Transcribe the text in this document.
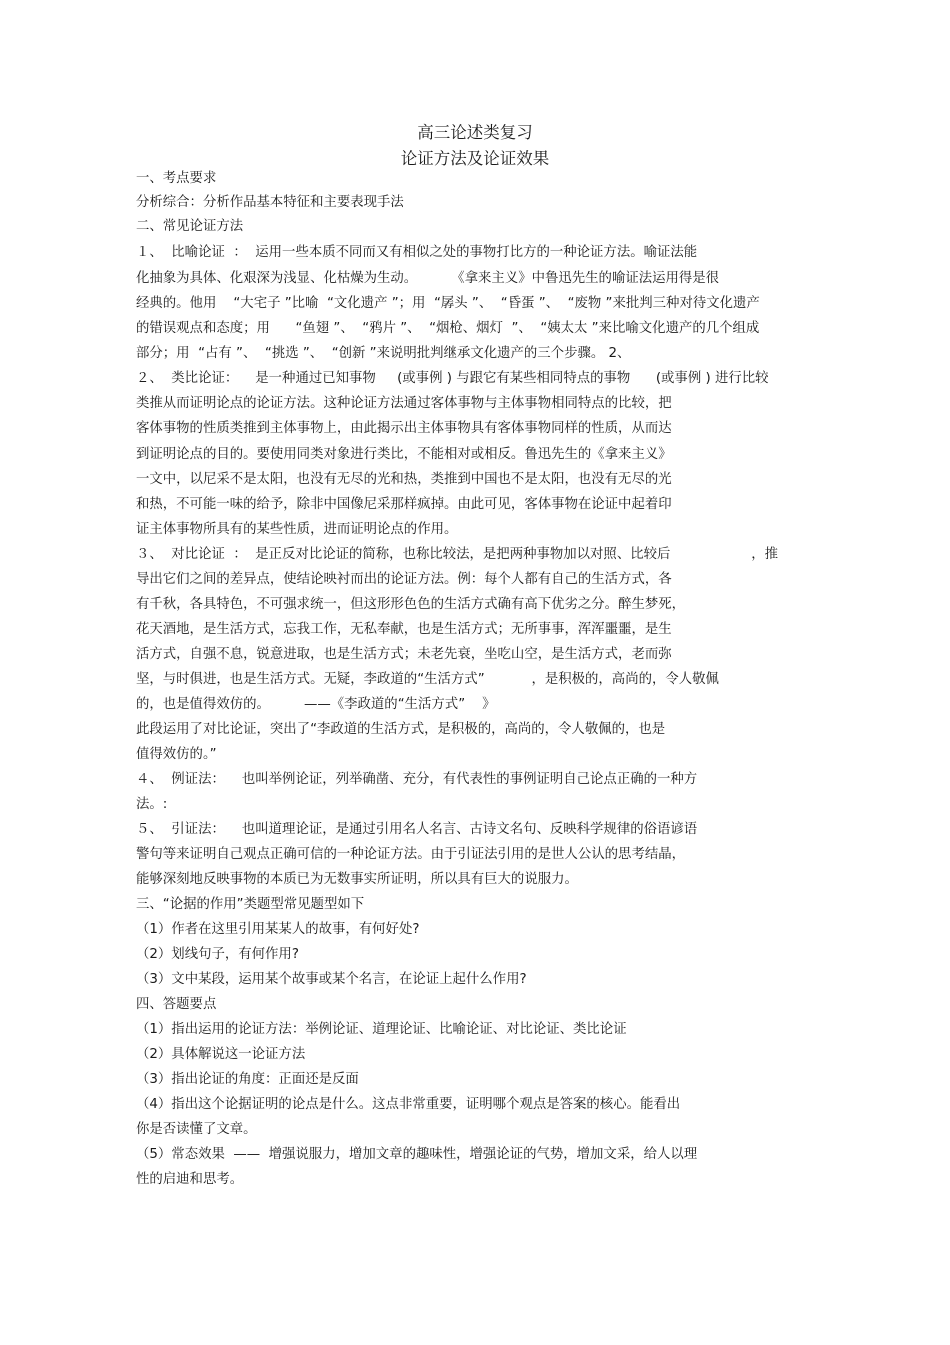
高三论述类复习
论证方法及论证效果
一、考点要求
分析综合：分析作品基本特征和主要表现手法
二、常见论证方法
１、  比喻论证  ：  运用一些本质不同而又有相似之处的事物打比方的一种论证方法。喻证法能
化抽象为具体、化艰深为浅显、化枯燥为生动。        《拿来主义》中鲁迅先生的喻证法运用得是很
经典的。他用    “大宅子 ”比喻  “文化遗产 ”；用  “孱头 ”、  “昏蛋 ”、  “废物 ”来批判三种对待文化遗产
的错误观点和态度；用      “鱼翅 ”、  “鸦片 ”、  “烟枪、烟灯  ”、  “姨太太 ”来比喻文化遗产的几个组成
部分；用  “占有 ”、  “挑选 ”、  “创新 ”来说明批判继承文化遗产的三个步骤。 2、
２、  类比论证：    是一种通过已知事物     (或事例 ) 与跟它有某些相同特点的事物      (或事例 ) 进行比较
类推从而证明论点的论证方法。这种论证方法通过客体事物与主体事物相同特点的比较，把
客体事物的性质类推到主体事物上，由此揭示出主体事物具有客体事物同样的性质，从而达
到证明论点的目的。要使用同类对象进行类比，不能相对或相反。鲁迅先生的《拿来主义》
一文中，以尼采不是太阳，也没有无尽的光和热，类推到中国也不是太阳，也没有无尽的光
和热，不可能一味的给予，除非中国像尼采那样疯掉。由此可见，客体事物在论证中起着印
证主体事物所具有的某些性质，进而证明论点的作用。
３、  对比论证  ：  是正反对比论证的简称，也称比较法，是把两种事物加以对照、比较后                   ，推
导出它们之间的差异点，使结论映衬而出的论证方法。例：每个人都有自己的生活方式，各
有千秋，各具特色，不可强求统一，但这形形色色的生活方式确有高下优劣之分。醉生梦死，
花天酒地，是生活方式，忘我工作，无私奉献，也是生活方式；无所事事，浑浑噩噩，是生
活方式，自强不息，锐意进取，也是生活方式；未老先衰，坐吃山空，是生活方式，老而弥
坚，与时俱进，也是生活方式。无疑，李政道的“生活方式”           ，是积极的，高尚的，令人敬佩
的，也是值得效仿的。        ——《李政道的“生活方式”    》
此段运用了对比论证，突出了“李政道的生活方式，是积极的，高尚的，令人敬佩的，也是
值得效仿的。”
４、  例证法：    也叫举例论证，列举确凿、充分，有代表性的事例证明自己论点正确的一种方
法。:
５、  引证法：    也叫道理论证，是通过引用名人名言、古诗文名句、反映科学规律的俗语谚语
警句等来证明自己观点正确可信的一种论证方法。由于引证法引用的是世人公认的思考结晶，
能够深刻地反映事物的本质已为无数事实所证明，所以具有巨大的说服力。
三、“论据的作用”类题型常见题型如下
（1）作者在这里引用某某人的故事，有何好处?
（2）划线句子，有何作用?
（3）文中某段，运用某个故事或某个名言，在论证上起什么作用?
四、答题要点
（1）指出运用的论证方法：举例论证、道理论证、比喻论证、对比论证、类比论证
（2）具体解说这一论证方法
（3）指出论证的角度：正面还是反面
（4）指出这个论据证明的论点是什么。这点非常重要，证明哪个观点是答案的核心。能看出
你是否读懂了文章。
（5）常态效果  ——  增强说服力，增加文章的趣味性，增强论证的气势，增加文采，给人以理
性的启迪和思考。
